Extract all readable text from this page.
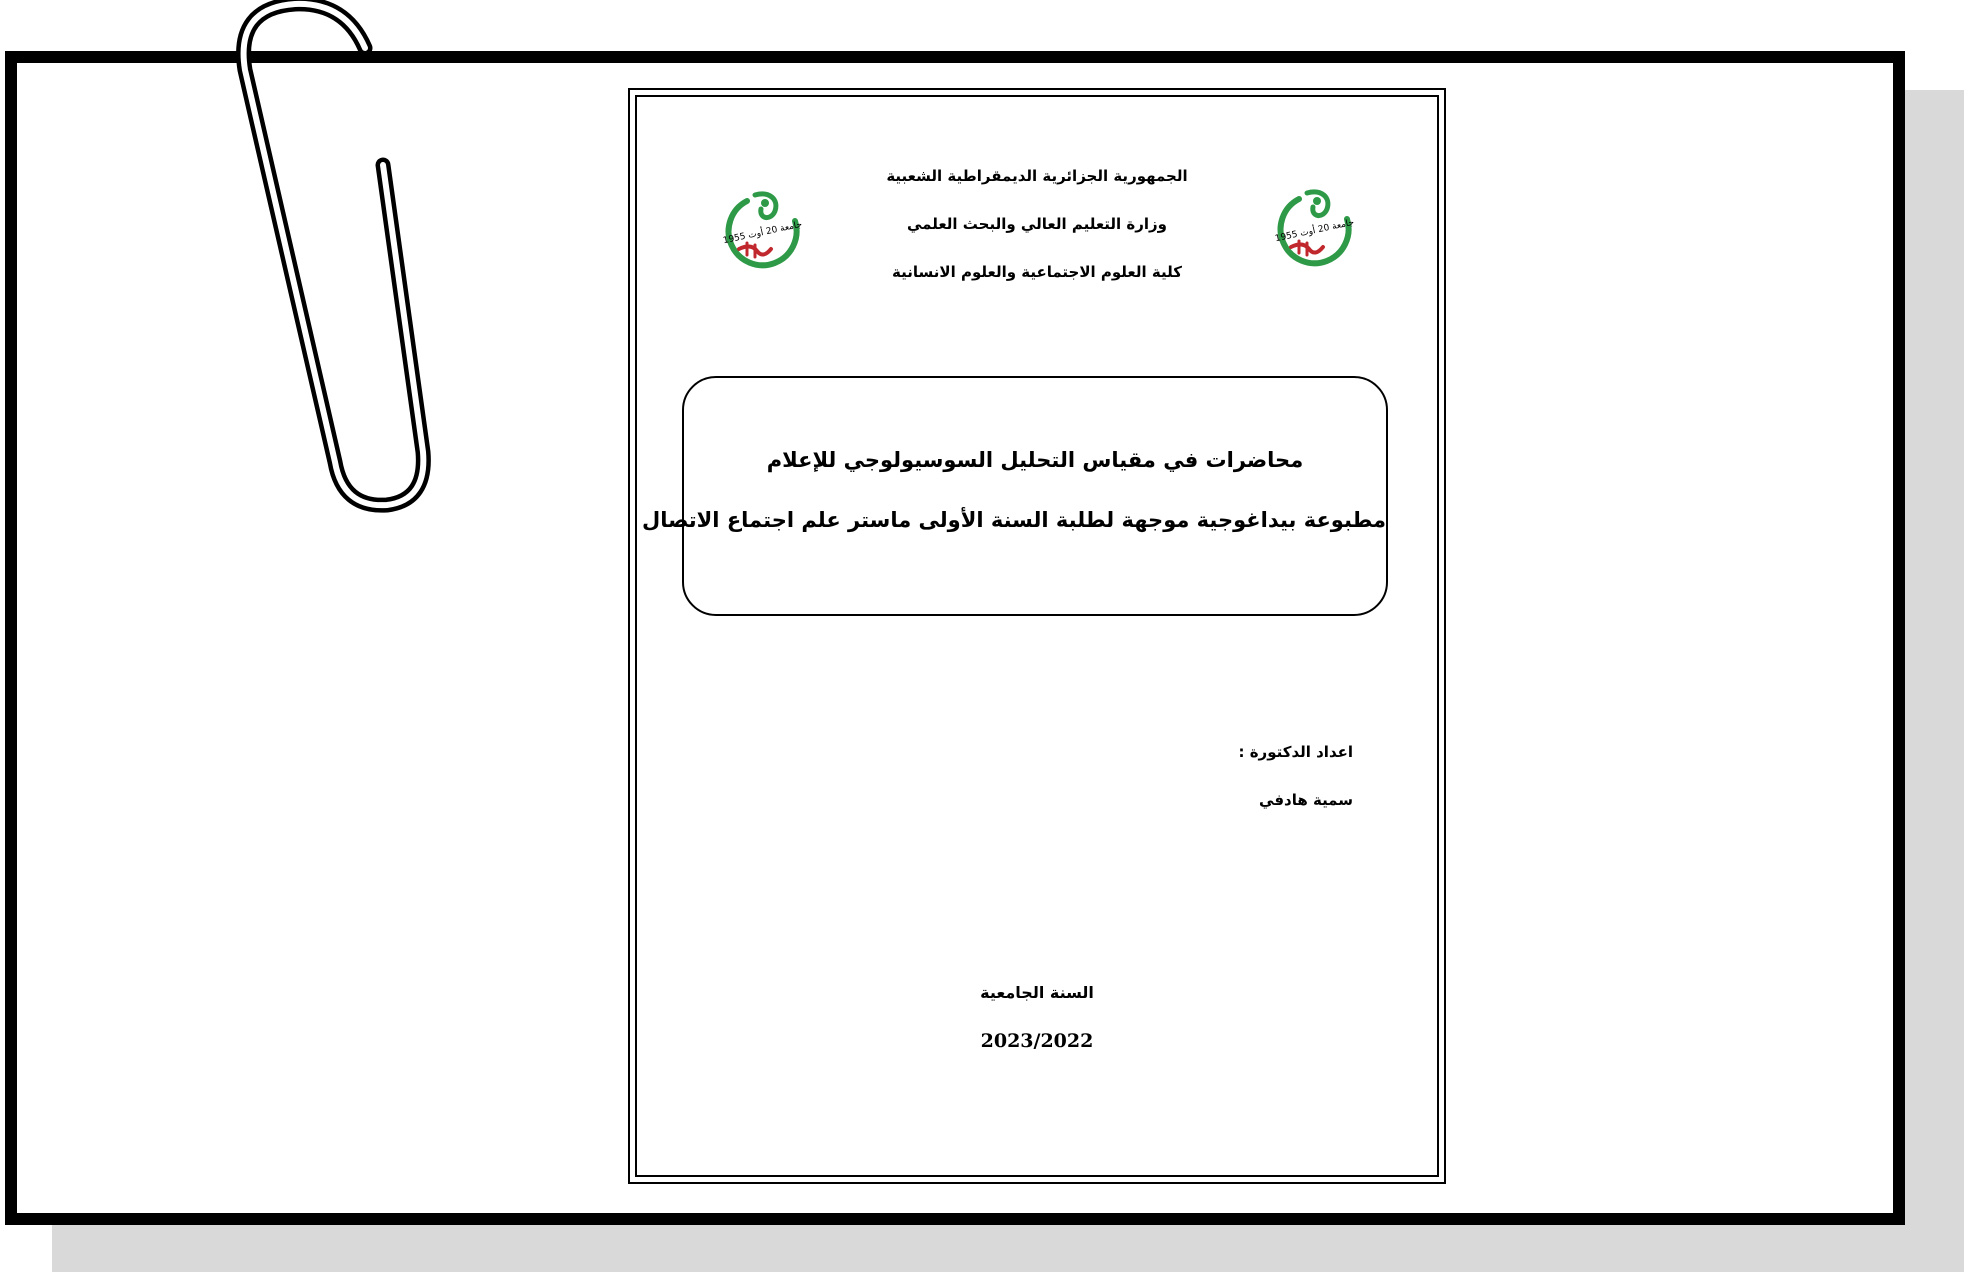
الجمهورية الجزائرية الديمقراطية الشعبية
وزارة التعليم العالي والبحث العلمي
كلية العلوم الاجتماعية والعلوم الانسانية
جامعة 20 أوت 1955
جامعة 20 أوت 1955
محاضرات في مقياس التحليل السوسيولوجي للإعلام
مطبوعة بيداغوجية موجهة لطلبة السنة الأولى ماستر علم اجتماع الاتصال
اعداد الدكتورة :
سمية هادفي
السنة الجامعية
2023/2022
